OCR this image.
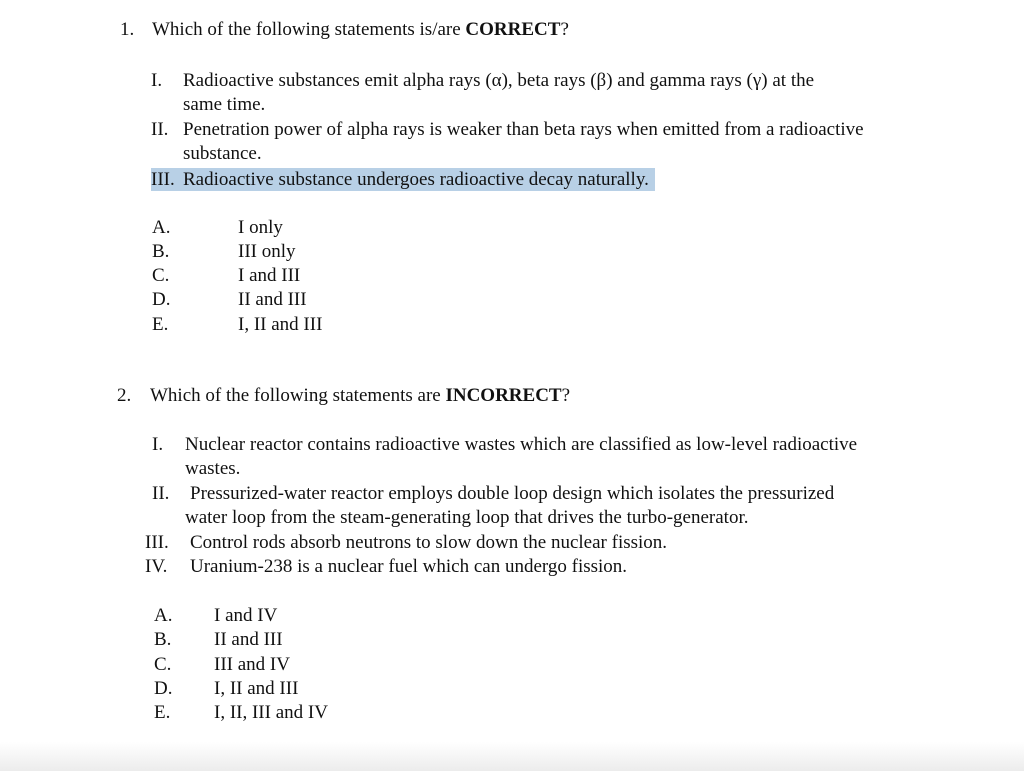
1. Which of the following statements is/are CORRECT?
I. Radioactive substances emit alpha rays (α), beta rays (β) and gamma rays (γ) at the
same time.
II. Penetration power of alpha rays is weaker than beta rays when emitted from a radioactive
substance.
III. Radioactive substance undergoes radioactive decay naturally.
A.	I only
B.	III only
C.	I and III
D.	II and III
E.	I, II and III
2. Which of the following statements are INCORRECT?
I. Nuclear reactor contains radioactive wastes which are classified as low-level radioactive
wastes.
II. Pressurized-water reactor employs double loop design which isolates the pressurized
water loop from the steam-generating loop that drives the turbo-generator.
III. Control rods absorb neutrons to slow down the nuclear fission.
IV. Uranium-238 is a nuclear fuel which can undergo fission.
A. I and IV
B. II and III
C. III and IV
D. I, II and III
E. I, II, III and IV
